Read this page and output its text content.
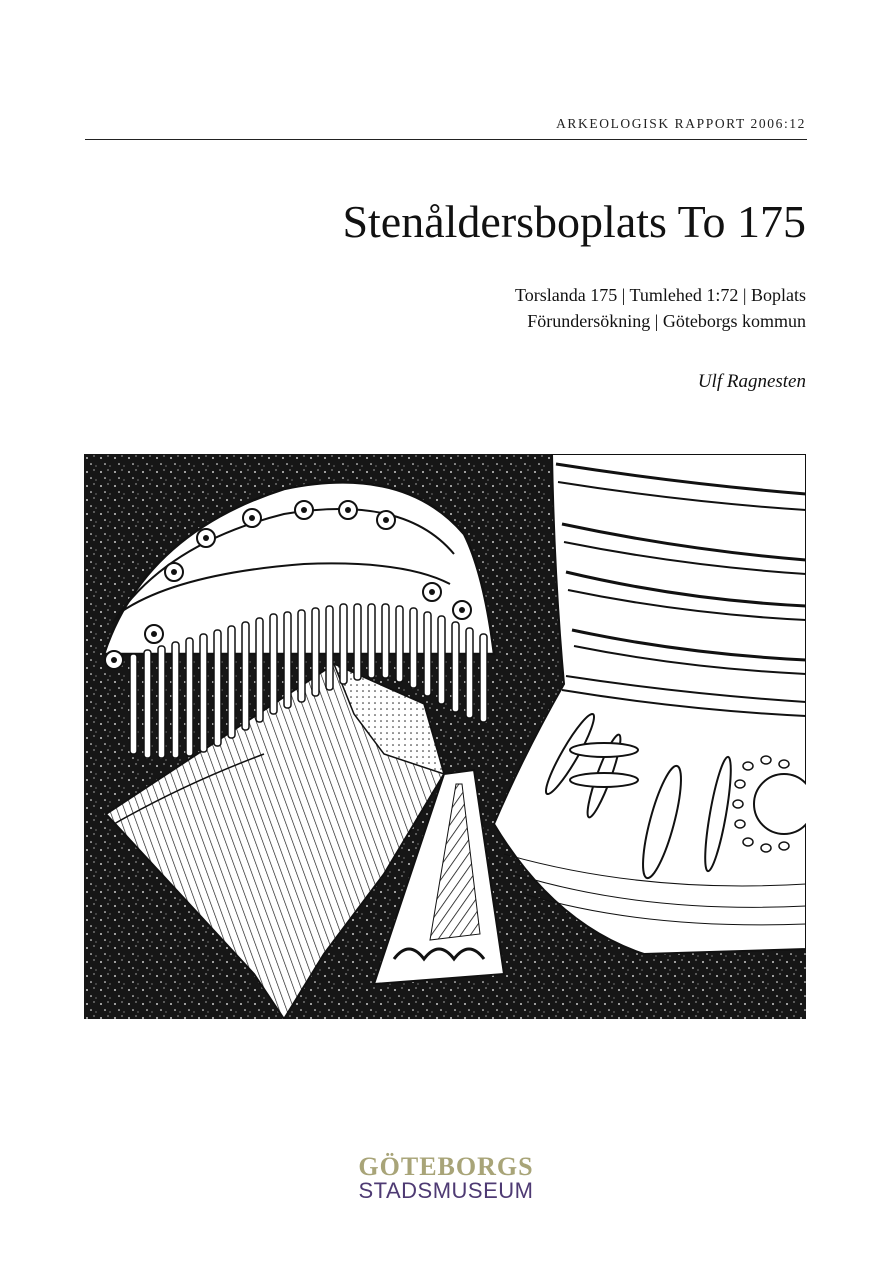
ARKEOLOGISK RAPPORT 2006:12
Stenåldersboplats To 175
Torslanda 175 | Tumlehed 1:72 | Boplats
Förundersökning | Göteborgs kommun
Ulf Ragnesten
GÖTEBORGS
STADSMUSEUM
